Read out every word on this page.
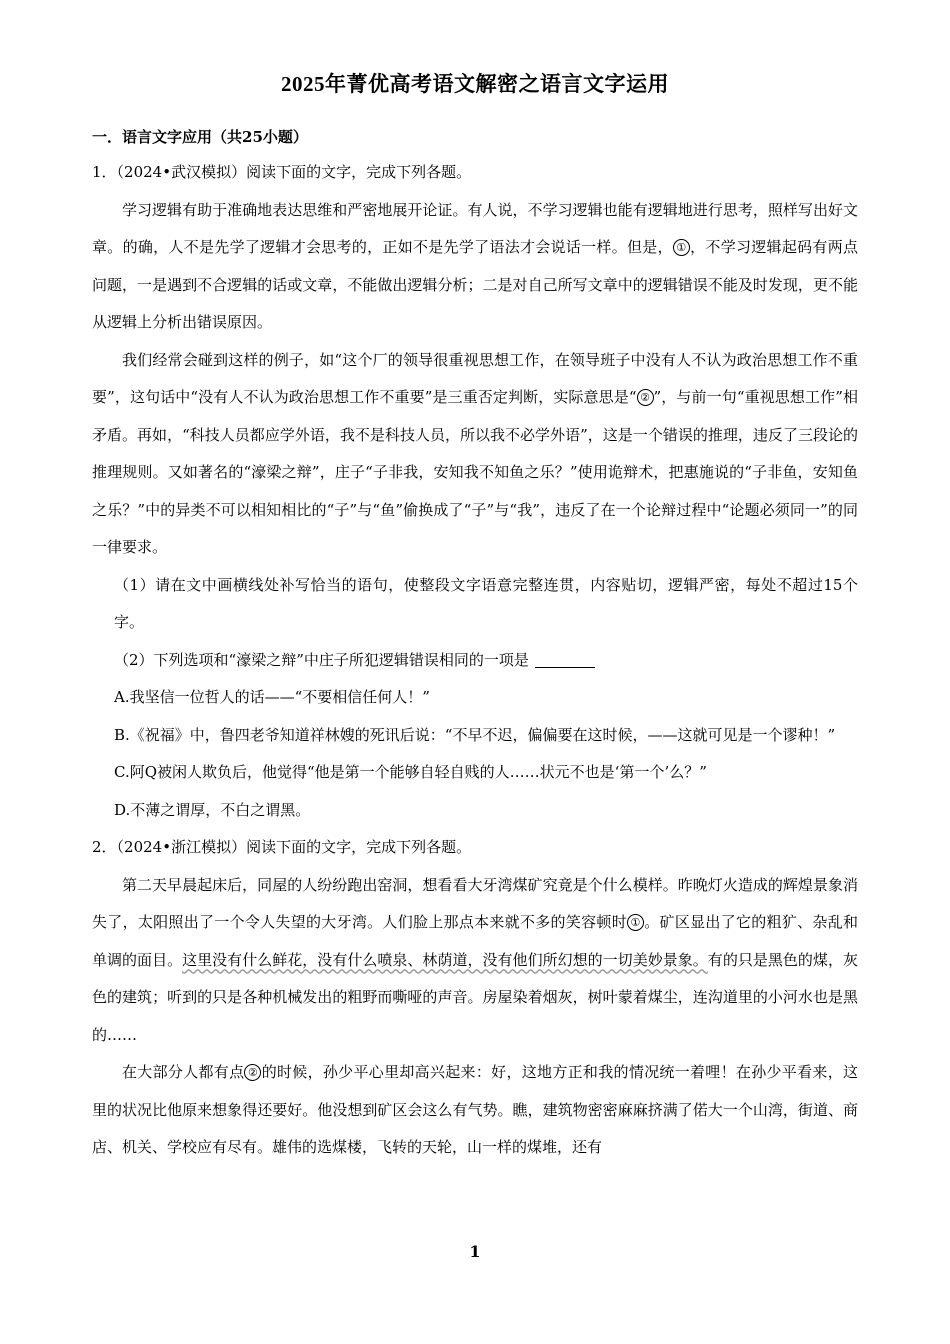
2025年菁优高考语文解密之语言文字运用

一．语言文字应用（共25小题）

1．（2024•武汉模拟）阅读下面的文字，完成下列各题。

学习逻辑有助于准确地表达思维和严密地展开论证。有人说，不学习逻辑也能有逻辑地进行思考，照样写出好文章。的确，人不是先学了逻辑才会思考的，正如不是先学了语法才会说话一样。但是， ① ，不学习逻辑起码有两点问题，一是遇到不合逻辑的话或文章，不能做出逻辑分析；二是对自己所写文章中的逻辑错误不能及时发现，更不能从逻辑上分析出错误原因。

我们经常会碰到这样的例子，如“这个厂的领导很重视思想工作，在领导班子中没有人不认为政治思想工作不重要”，这句话中“没有人不认为政治思想工作不重要”是三重否定判断，实际意思是“ ② ”，与前一句“重视思想工作”相矛盾。再如，“科技人员都应学外语，我不是科技人员，所以我不必学外语”，这是一个错误的推理，违反了三段论的推理规则。又如著名的“濠梁之辩”，庄子“子非我，安知我不知鱼之乐？”使用诡辩术，把惠施说的“子非鱼，安知鱼之乐？”中的异类不可以相知相比的“子”与“鱼”偷换成了“子”与“我”，违反了在一个论辩过程中“论题必须同一”的同一律要求。

（1）请在文中画横线处补写恰当的语句，使整段文字语意完整连贯，内容贴切，逻辑严密，每处不超过15个字。

（2）下列选项和“濠梁之辩”中庄子所犯逻辑错误相同的一项是

A.我坚信一位哲人的话——“不要相信任何人！”

B.《祝福》中，鲁四老爷知道祥林嫂的死讯后说：“不早不迟，偏偏要在这时候，——这就可见是一个谬种！”

C.阿Q被闲人欺负后，他觉得“他是第一个能够自轻自贱的人……状元不也是‘第一个’么？”

D.不薄之谓厚，不白之谓黑。

2．（2024•浙江模拟）阅读下面的文字，完成下列各题。

第二天早晨起床后，同屋的人纷纷跑出窑洞，想看看大牙湾煤矿究竟是个什么模样。昨晚灯火造成的辉煌景象消失了，太阳照出了一个令人失望的大牙湾。人们脸上那点本来就不多的笑容顿时 ① 。矿区显出了它的粗犷、杂乱和单调的面目。这里没有什么鲜花，没有什么喷泉、林荫道，没有他们所幻想的一切美妙景象。有的只是黑色的煤，灰色的建筑；听到的只是各种机械发出的粗野而嘶哑的声音。房屋染着烟灰，树叶蒙着煤尘，连沟道里的小河水也是黑的……

在大部分人都有点 ② 的时候，孙少平心里却高兴起来：好，这地方正和我的情况统一着哩！在孙少平看来，这里的状况比他原来想象得还要好。他没想到矿区会这么有气势。瞧，建筑物密密麻麻挤满了偌大一个山湾，街道、商店、机关、学校应有尽有。雄伟的选煤楼，飞转的天轮，山一样的煤堆，还有

1
